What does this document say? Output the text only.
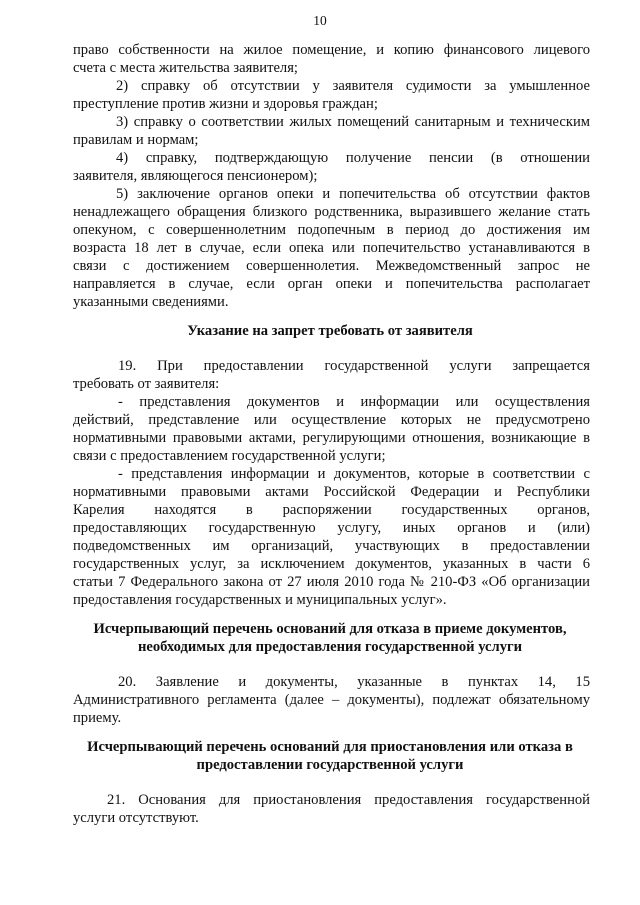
10
право собственности на жилое помещение, и копию финансового лицевого
счета с места жительства заявителя;
2) справку об отсутствии у заявителя судимости за умышленное
преступление против жизни и здоровья граждан;
3) справку о соответствии жилых помещений санитарным и техническим
правилам и нормам;
4) справку, подтверждающую получение пенсии (в отношении
заявителя, являющегося пенсионером);
5) заключение органов опеки и попечительства об отсутствии фактов
ненадлежащего обращения близкого родственника, выразившего желание стать
опекуном, с совершеннолетним подопечным в период до достижения им
возраста 18 лет в случае, если опека или попечительство устанавливаются в
связи с достижением совершеннолетия. Межведомственный запрос не
направляется в случае, если орган опеки и попечительства располагает
указанными сведениями.
Указание на запрет требовать от заявителя
19. При предоставлении государственной услуги запрещается
требовать от заявителя:
- представления документов и информации или осуществления
действий, представление или осуществление которых не предусмотрено
нормативными правовыми актами, регулирующими отношения, возникающие в
связи с предоставлением государственной услуги;
- представления информации и документов, которые в соответствии с
нормативными правовыми актами Российской Федерации и Республики
Карелия находятся в распоряжении государственных органов,
предоставляющих государственную услугу, иных органов и (или)
подведомственных им организаций, участвующих в предоставлении
государственных услуг, за исключением документов, указанных в части 6
статьи 7 Федерального закона от 27 июля 2010 года № 210-ФЗ «Об организации
предоставления государственных и муниципальных услуг».
Исчерпывающий перечень оснований для отказа в приеме документов,
необходимых для предоставления государственной услуги
20. Заявление и документы, указанные в пунктах 14, 15
Административного регламента (далее – документы), подлежат обязательному
приему.
Исчерпывающий перечень оснований для приостановления или отказа в
предоставлении государственной услуги
21. Основания для приостановления предоставления государственной
услуги отсутствуют.
